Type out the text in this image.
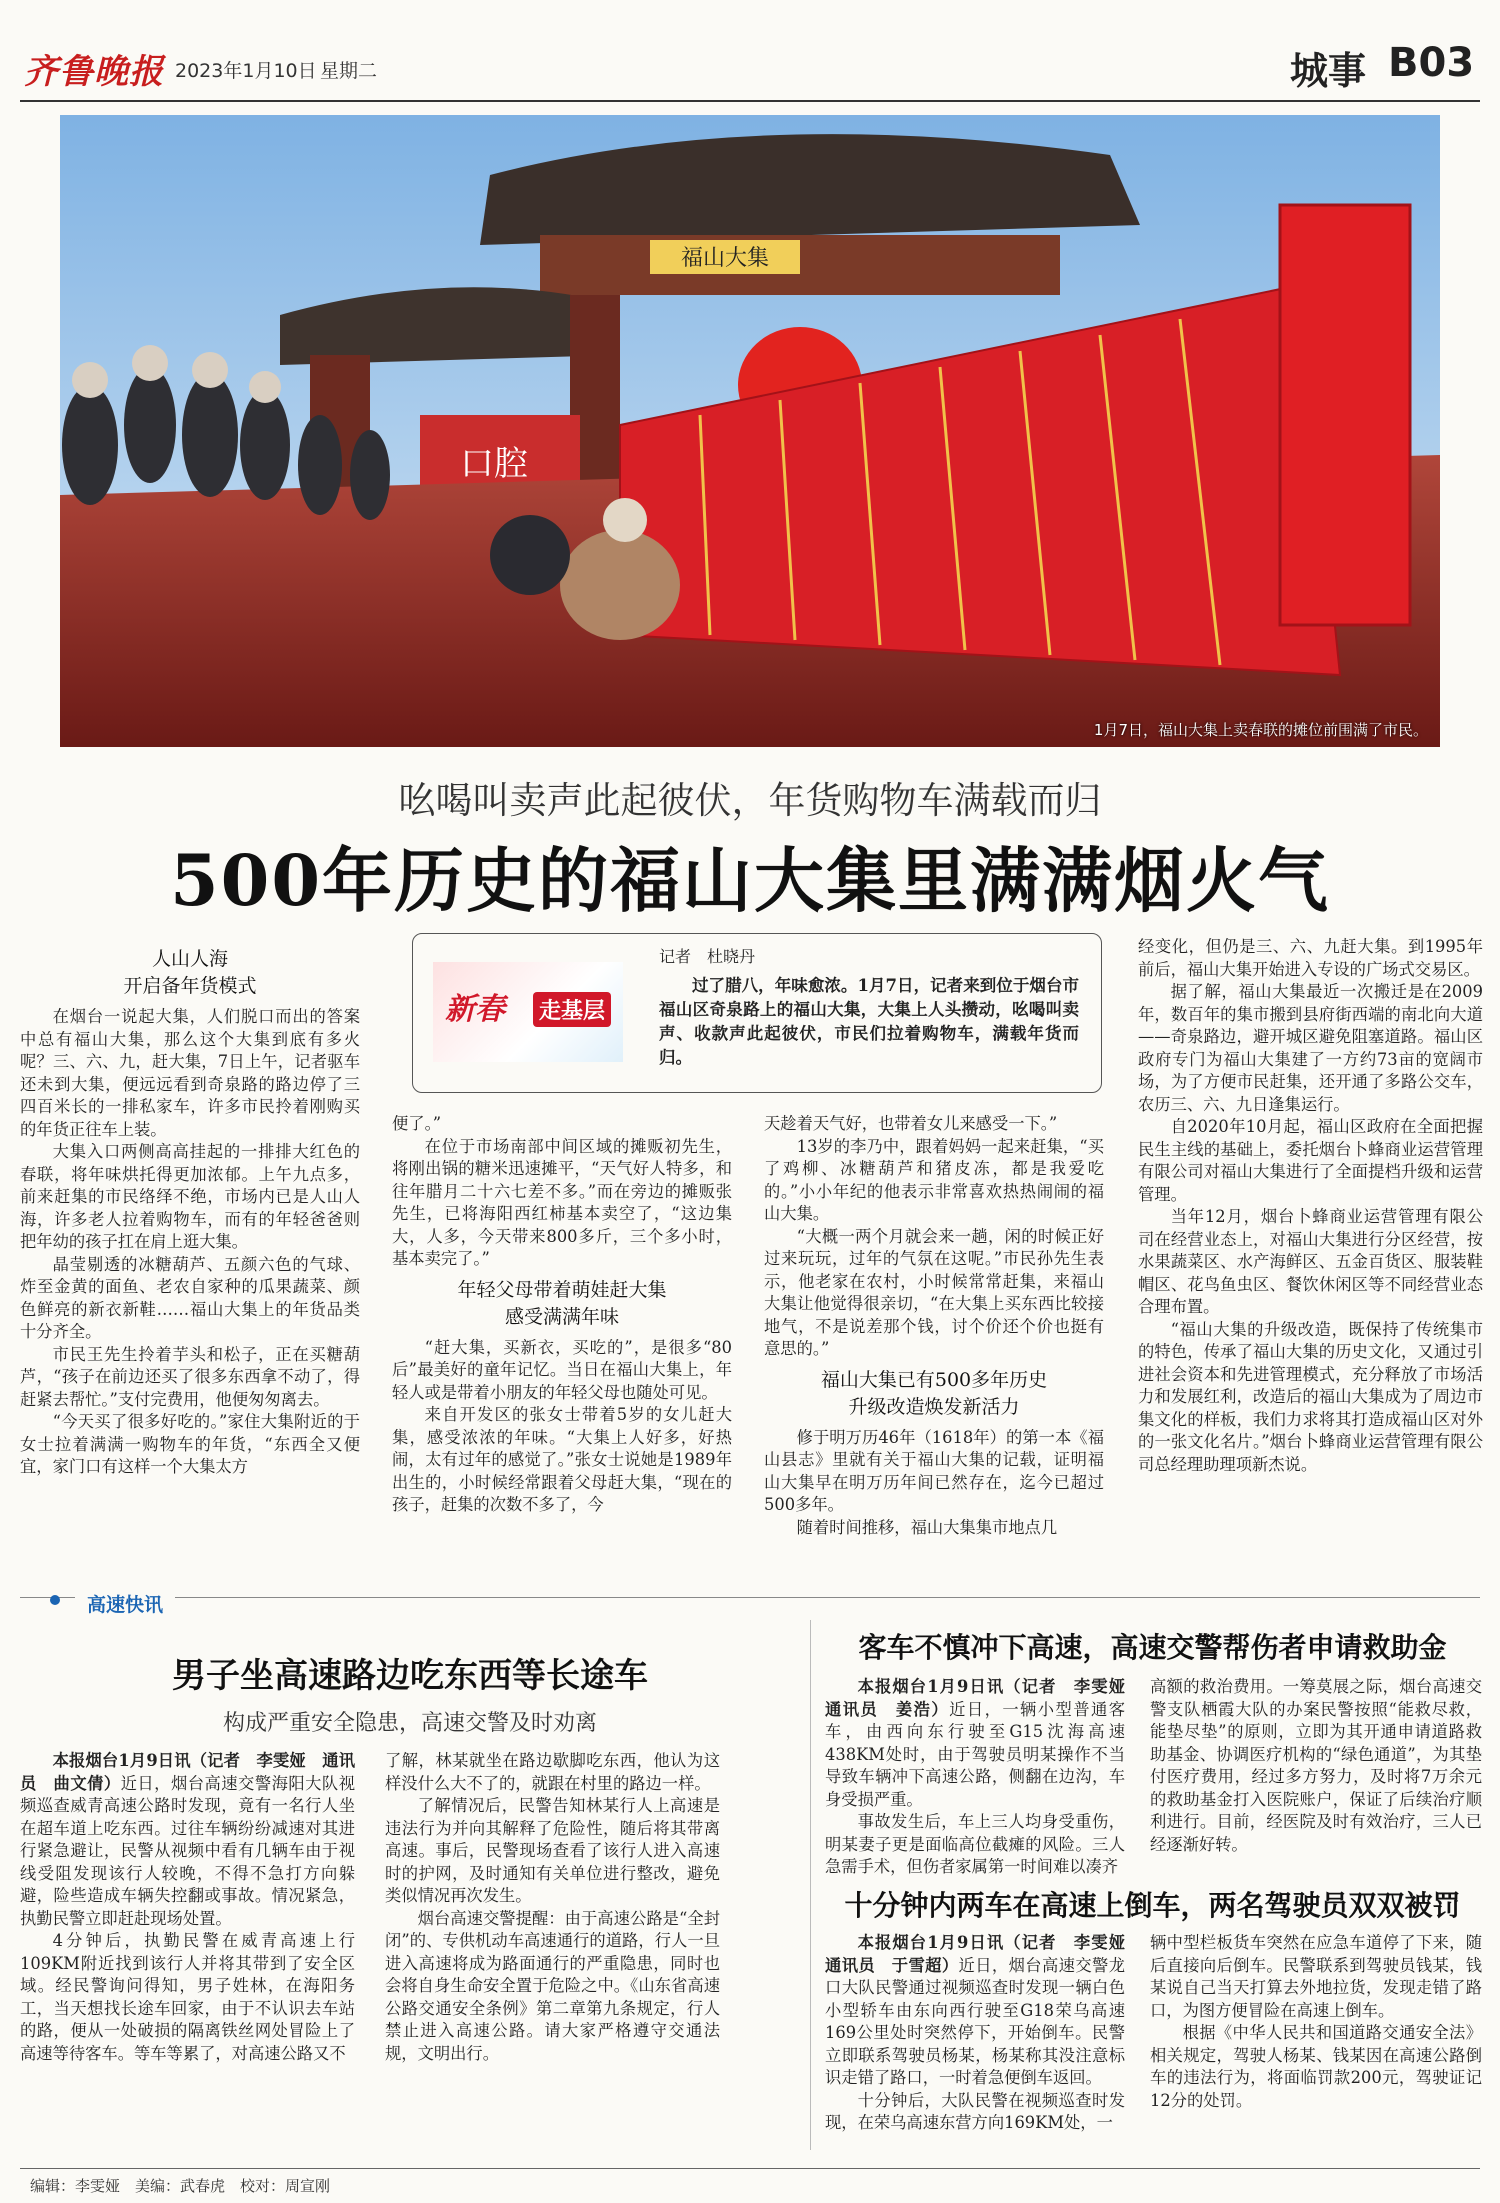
齐鲁晚报 2023年1月10日 星期二	城事 B03
福山大集
口腔
1月7日，福山大集上卖春联的摊位前围满了市民。
吆喝叫卖声此起彼伏，年货购物车满载而归
500年历史的福山大集里满满烟火气
人山人海
开启备年货模式

在烟台一说起大集，人们脱口而出的答案中总有福山大集，那么这个大集到底有多火呢？三、六、九，赶大集，7日上午，记者驱车还未到大集，便远远看到奇泉路的路边停了三四百米长的一排私家车，许多市民拎着刚购买的年货正往车上装。

大集入口两侧高高挂起的一排排大红色的春联，将年味烘托得更加浓郁。上午九点多，前来赶集的市民络绎不绝，市场内已是人山人海，许多老人拉着购物车，而有的年轻爸爸则把年幼的孩子扛在肩上逛大集。

晶莹剔透的冰糖葫芦、五颜六色的气球、炸至金黄的面鱼、老农自家种的瓜果蔬菜、颜色鲜亮的新衣新鞋……福山大集上的年货品类十分齐全。

市民王先生拎着芋头和松子，正在买糖葫芦，“孩子在前边还买了很多东西拿不动了，得赶紧去帮忙。”支付完费用，他便匆匆离去。

“今天买了很多好吃的。”家住大集附近的于女士拉着满满一购物车的年货，“东西全又便宜，家门口有这样一个大集太方

新春 走基层
记者　杜晓丹
过了腊八，年味愈浓。1月7日，记者来到位于烟台市福山区奇泉路上的福山大集，大集上人头攒动，吆喝叫卖声、收款声此起彼伏，市民们拉着购物车，满载年货而归。

便了。”

在位于市场南部中间区域的摊贩初先生，将刚出锅的糖米迅速摊平，“天气好人特多，和往年腊月二十六七差不多。”而在旁边的摊贩张先生，已将海阳西红柿基本卖空了，“这边集大，人多，今天带来800多斤，三个多小时，基本卖完了。”

年轻父母带着萌娃赶大集
感受满满年味

“赶大集，买新衣，买吃的”，是很多“80后”最美好的童年记忆。当日在福山大集上，年轻人或是带着小朋友的年轻父母也随处可见。

来自开发区的张女士带着5岁的女儿赶大集，感受浓浓的年味。“大集上人好多，好热闹，太有过年的感觉了。”张女士说她是1989年出生的，小时候经常跟着父母赶大集，“现在的孩子，赶集的次数不多了，今

天趁着天气好，也带着女儿来感受一下。”

13岁的李乃中，跟着妈妈一起来赶集，“买了鸡柳、冰糖葫芦和猪皮冻，都是我爱吃的。”小小年纪的他表示非常喜欢热热闹闹的福山大集。

“大概一两个月就会来一趟，闲的时候正好过来玩玩，过年的气氛在这呢。”市民孙先生表示，他老家在农村，小时候常常赶集，来福山大集让他觉得很亲切，“在大集上买东西比较接地气，不是说差那个钱，讨个价还个价也挺有意思的。”

福山大集已有500多年历史
升级改造焕发新活力

修于明万历46年（1618年）的第一本《福山县志》里就有关于福山大集的记载，证明福山大集早在明万历年间已然存在，迄今已超过500多年。

随着时间推移，福山大集集市地点几

经变化，但仍是三、六、九赶大集。到1995年前后，福山大集开始进入专设的广场式交易区。

据了解，福山大集最近一次搬迁是在2009年，数百年的集市搬到县府街西端的南北向大道——奇泉路边，避开城区避免阻塞道路。福山区政府专门为福山大集建了一方约73亩的宽阔市场，为了方便市民赶集，还开通了多路公交车，农历三、六、九日逢集运行。

自2020年10月起，福山区政府在全面把握民生主线的基础上，委托烟台卜蜂商业运营管理有限公司对福山大集进行了全面提档升级和运营管理。

当年12月，烟台卜蜂商业运营管理有限公司在经营业态上，对福山大集进行分区经营，按水果蔬菜区、水产海鲜区、五金百货区、服装鞋帽区、花鸟鱼虫区、餐饮休闲区等不同经营业态合理布置。

“福山大集的升级改造，既保持了传统集市的特色，传承了福山大集的历史文化，又通过引进社会资本和先进管理模式，充分释放了市场活力和发展红利，改造后的福山大集成为了周边市集文化的样板，我们力求将其打造成福山区对外的一张文化名片。”烟台卜蜂商业运营管理有限公司总经理助理项新杰说。

高速快讯
男子坐高速路边吃东西等长途车
构成严重安全隐患，高速交警及时劝离

本报烟台1月9日讯（记者　李雯娅　通讯员　曲文倩）近日，烟台高速交警海阳大队视频巡查威青高速公路时发现，竟有一名行人坐在超车道上吃东西。过往车辆纷纷减速对其进行紧急避让，民警从视频中看有几辆车由于视线受阻发现该行人较晚，不得不急打方向躲避，险些造成车辆失控翻或事故。情况紧急，执勤民警立即赶赴现场处置。

4分钟后，执勤民警在威青高速上行109KM附近找到该行人并将其带到了安全区域。经民警询问得知，男子姓林，在海阳务工，当天想找长途车回家，由于不认识去车站的路，便从一处破损的隔离铁丝网处冒险上了高速等待客车。等车等累了，对高速公路又不

了解，林某就坐在路边歇脚吃东西，他认为这样没什么大不了的，就跟在村里的路边一样。

了解情况后，民警告知林某行人上高速是违法行为并向其解释了危险性，随后将其带离高速。事后，民警现场查看了该行人进入高速时的护网，及时通知有关单位进行整改，避免类似情况再次发生。

烟台高速交警提醒：由于高速公路是“全封闭”的、专供机动车高速通行的道路，行人一旦进入高速将成为路面通行的严重隐患，同时也会将自身生命安全置于危险之中。《山东省高速公路交通安全条例》第二章第九条规定，行人禁止进入高速公路。请大家严格遵守交通法规，文明出行。

客车不慎冲下高速，高速交警帮伤者申请救助金

本报烟台1月9日讯（记者　李雯娅　通讯员　姜浩）近日，一辆小型普通客车，由西向东行驶至G15沈海高速438KM处时，由于驾驶员明某操作不当导致车辆冲下高速公路，侧翻在边沟，车身受损严重。

事故发生后，车上三人均身受重伤，明某妻子更是面临高位截瘫的风险。三人急需手术，但伤者家属第一时间难以凑齐

高额的救治费用。一筹莫展之际，烟台高速交警支队栖霞大队的办案民警按照“能救尽救，能垫尽垫”的原则，立即为其开通申请道路救助基金、协调医疗机构的“绿色通道”，为其垫付医疗费用，经过多方努力，及时将7万余元的救助基金打入医院账户，保证了后续治疗顺利进行。目前，经医院及时有效治疗，三人已经逐渐好转。

十分钟内两车在高速上倒车，两名驾驶员双双被罚

本报烟台1月9日讯（记者　李雯娅　通讯员　于雪超）近日，烟台高速交警龙口大队民警通过视频巡查时发现一辆白色小型轿车由东向西行驶至G18荣乌高速169公里处时突然停下，开始倒车。民警立即联系驾驶员杨某，杨某称其没注意标识走错了路口，一时着急便倒车返回。

十分钟后，大队民警在视频巡查时发现，在荣乌高速东营方向169KM处，一

辆中型栏板货车突然在应急车道停了下来，随后直接向后倒车。民警联系到驾驶员钱某，钱某说自己当天打算去外地拉货，发现走错了路口，为图方便冒险在高速上倒车。

根据《中华人民共和国道路交通安全法》相关规定，驾驶人杨某、钱某因在高速公路倒车的违法行为，将面临罚款200元，驾驶证记12分的处罚。

编辑：李雯娅　美编：武春虎　校对：周宣刚
